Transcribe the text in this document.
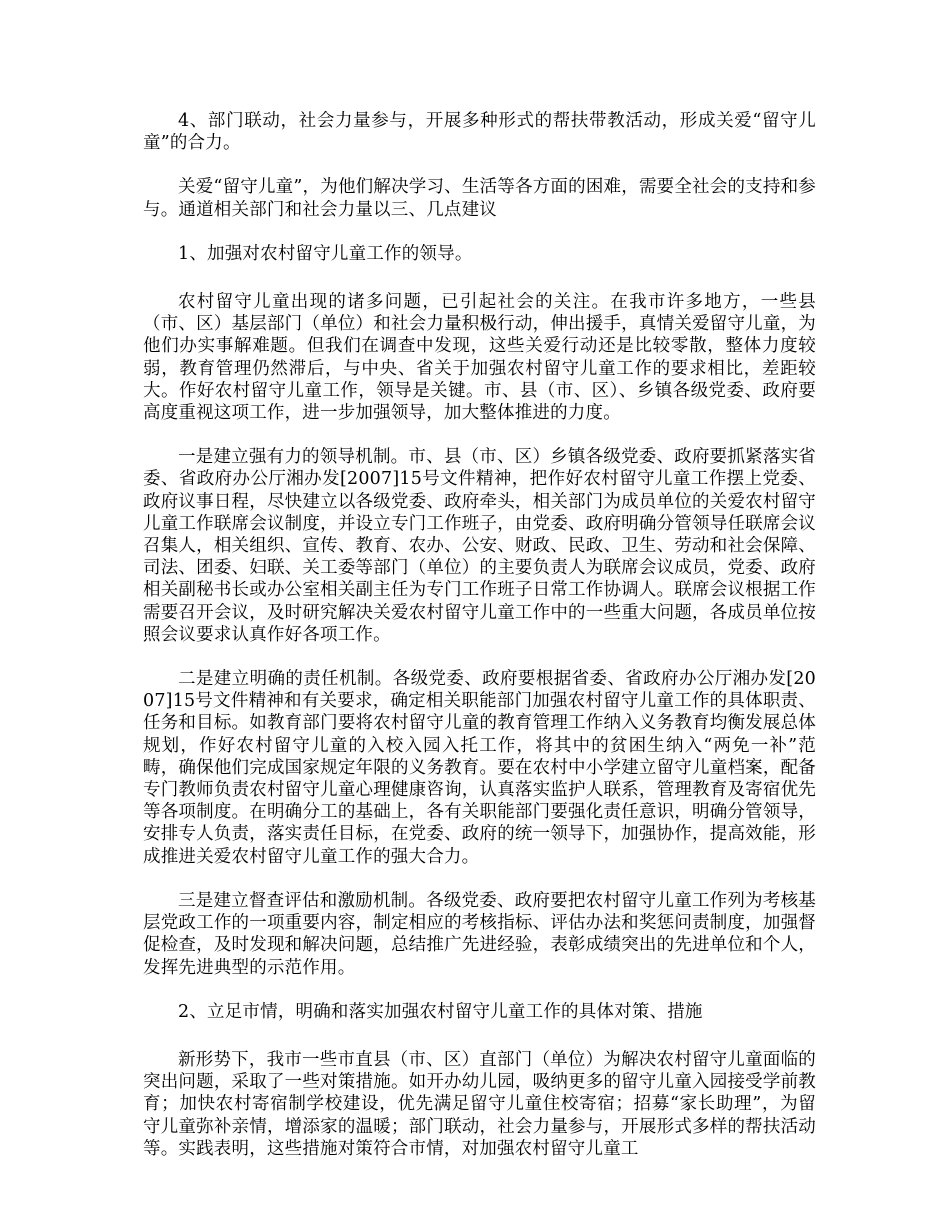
4、部门联动，社会力量参与，开展多种形式的帮扶带教活动，形成关爱“留守儿童”的合力。

关爱“留守儿童”，为他们解决学习、生活等各方面的困难，需要全社会的支持和参与。通道相关部门和社会力量以三、几点建议

1、加强对农村留守儿童工作的领导。

农村留守儿童出现的诸多问题，已引起社会的关注。在我市许多地方，一些县（市、区）基层部门（单位）和社会力量积极行动，伸出援手，真情关爱留守儿童，为他们办实事解难题。但我们在调查中发现，这些关爱行动还是比较零散，整体力度较弱，教育管理仍然滞后，与中央、省关于加强农村留守儿童工作的要求相比，差距较大。作好农村留守儿童工作，领导是关键。市、县（市、区）、乡镇各级党委、政府要高度重视这项工作，进一步加强领导，加大整体推进的力度。

一是建立强有力的领导机制。市、县（市、区）乡镇各级党委、政府要抓紧落实省委、省政府办公厅湘办发[2007]15号文件精神，把作好农村留守儿童工作摆上党委、政府议事日程，尽快建立以各级党委、政府牵头，相关部门为成员单位的关爱农村留守儿童工作联席会议制度，并设立专门工作班子，由党委、政府明确分管领导任联席会议召集人，相关组织、宣传、教育、农办、公安、财政、民政、卫生、劳动和社会保障、司法、团委、妇联、关工委等部门（单位）的主要负责人为联席会议成员，党委、政府相关副秘书长或办公室相关副主任为专门工作班子日常工作协调人。联席会议根据工作需要召开会议，及时研究解决关爱农村留守儿童工作中的一些重大问题，各成员单位按照会议要求认真作好各项工作。

二是建立明确的责任机制。各级党委、政府要根据省委、省政府办公厅湘办发[2007]15号文件精神和有关要求，确定相关职能部门加强农村留守儿童工作的具体职责、任务和目标。如教育部门要将农村留守儿童的教育管理工作纳入义务教育均衡发展总体规划，作好农村留守儿童的入校入园入托工作，将其中的贫困生纳入“两免一补”范畴，确保他们完成国家规定年限的义务教育。要在农村中小学建立留守儿童档案，配备专门教师负责农村留守儿童心理健康咨询，认真落实监护人联系，管理教育及寄宿优先等各项制度。在明确分工的基础上，各有关职能部门要强化责任意识，明确分管领导，安排专人负责，落实责任目标，在党委、政府的统一领导下，加强协作，提高效能，形成推进关爱农村留守儿童工作的强大合力。

三是建立督查评估和激励机制。各级党委、政府要把农村留守儿童工作列为考核基层党政工作的一项重要内容，制定相应的考核指标、评估办法和奖惩问责制度，加强督促检查，及时发现和解决问题，总结推广先进经验，表彰成绩突出的先进单位和个人，发挥先进典型的示范作用。

2、立足市情，明确和落实加强农村留守儿童工作的具体对策、措施

新形势下，我市一些市直县（市、区）直部门（单位）为解决农村留守儿童面临的突出问题，采取了一些对策措施。如开办幼儿园，吸纳更多的留守儿童入园接受学前教育；加快农村寄宿制学校建设，优先满足留守儿童住校寄宿；招募“家长助理”，为留守儿童弥补亲情，增添家的温暖；部门联动，社会力量参与，开展形式多样的帮扶活动等。实践表明，这些措施对策符合市情，对加强农村留守儿童工
